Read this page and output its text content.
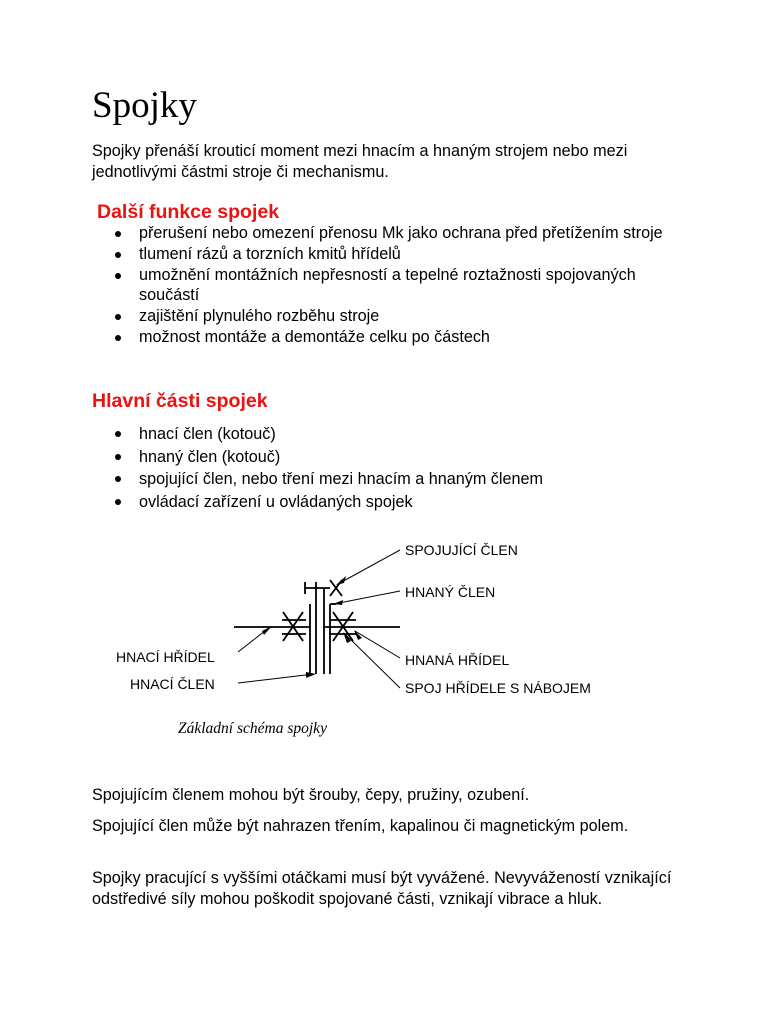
Spojky

Spojky přenáší krouticí moment mezi hnacím a hnaným strojem nebo mezi jednotlivými částmi stroje či mechanismu.

Další funkce spojek
přerušení nebo omezení přenosu Mk jako ochrana před přetížením stroje
tlumení rázů a torzních kmitů hřídelů
umožnění montážních nepřesností a tepelné roztažnosti spojovaných součástí
zajištění plynulého rozběhu stroje
možnost montáže a demontáže celku po částech
Hlavní části spojek
hnací člen (kotouč)
hnaný člen (kotouč)
spojující člen, nebo tření mezi hnacím a hnaným členem
ovládací zařízení u ovládaných spojek
SPOJUJÍCÍ ČLEN
HNANÝ ČLEN
HNACÍ HŘÍDEL	HNANÁ HŘÍDEL
HNACÍ ČLEN	SPOJ HŘÍDELE S NÁBOJEM
Základní schéma spojky

Spojujícím členem mohou být šrouby, čepy, pružiny, ozubení.

Spojující člen může být nahrazen třením, kapalinou či magnetickým polem.

Spojky pracující s vyššími otáčkami musí být vyvážené. Nevyvážeností vznikající odstředivé síly mohou poškodit spojované části, vznikají vibrace a hluk.
